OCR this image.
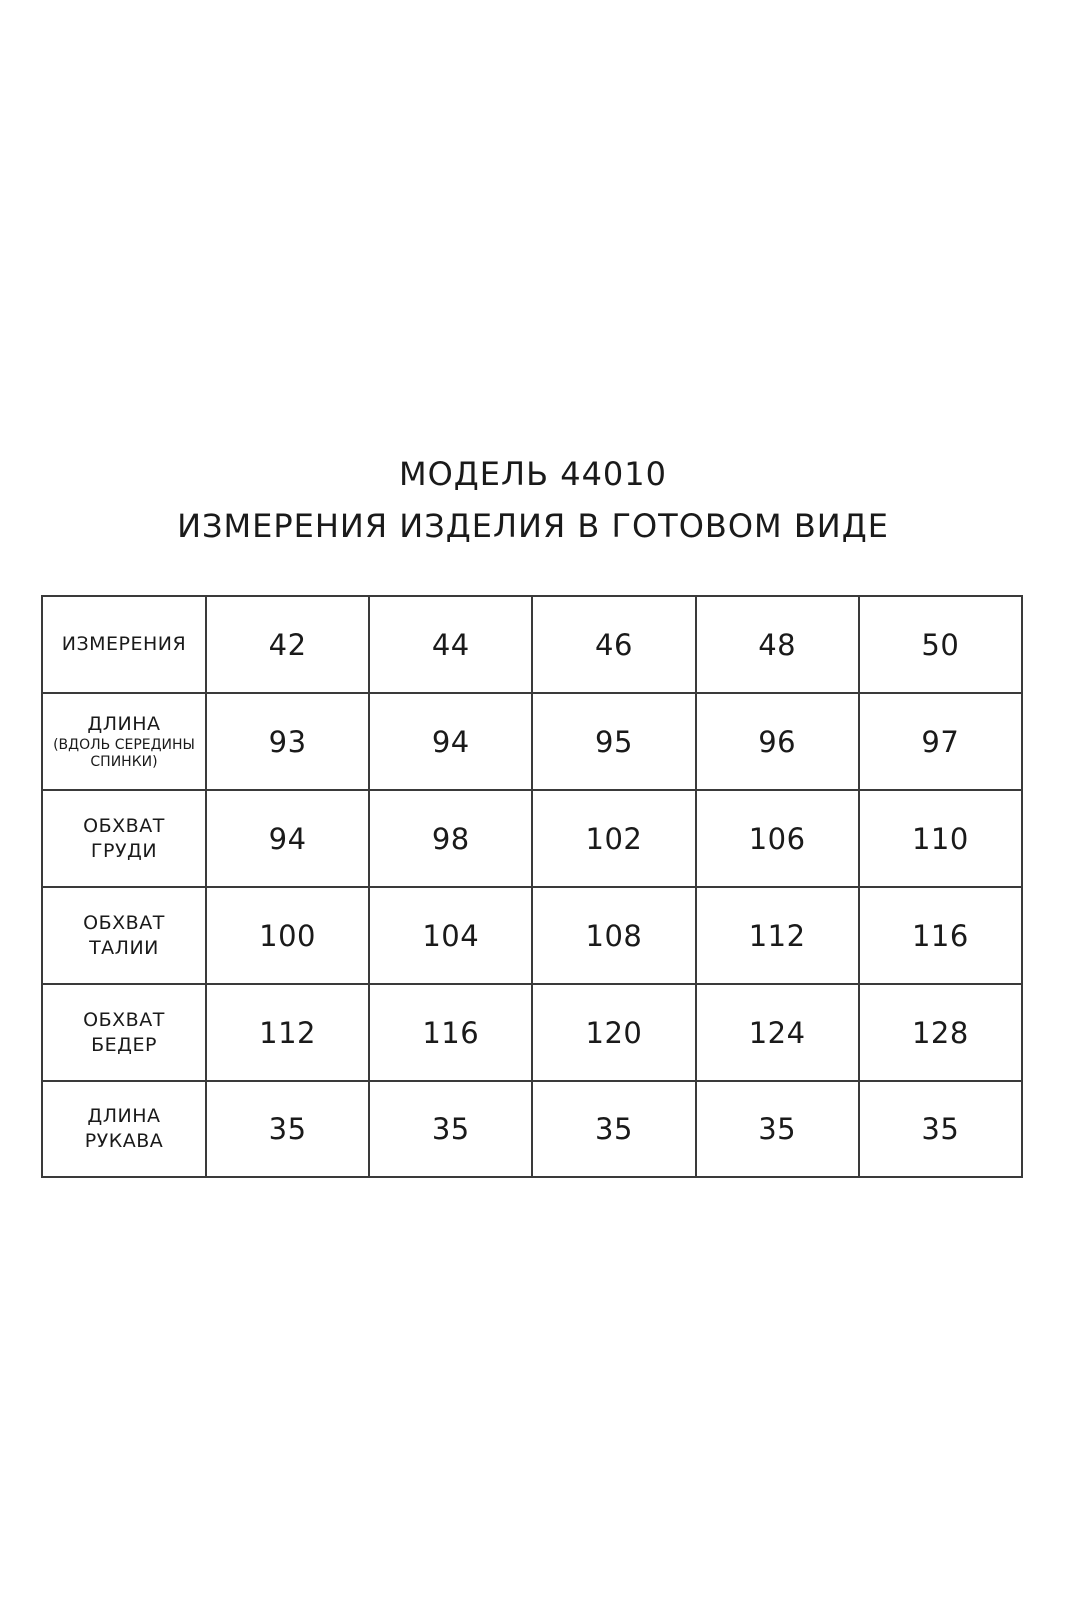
МОДЕЛЬ 44010
ИЗМЕРЕНИЯ ИЗДЕЛИЯ В ГОТОВОМ ВИДЕ
ИЗМЕРЕНИЯ	42	44	46	48	50

ДЛИНА
(ВДОЛЬ СЕРЕДИНЫ СПИНКИ)	93	94	95	96	97

ОБХВАТ
ГРУДИ	94	98	102	106	110

ОБХВАТ
ТАЛИИ	100	104	108	112	116

ОБХВАТ
БЕДЕР	112	116	120	124	128

ДЛИНА
РУКАВА	35	35	35	35	35
